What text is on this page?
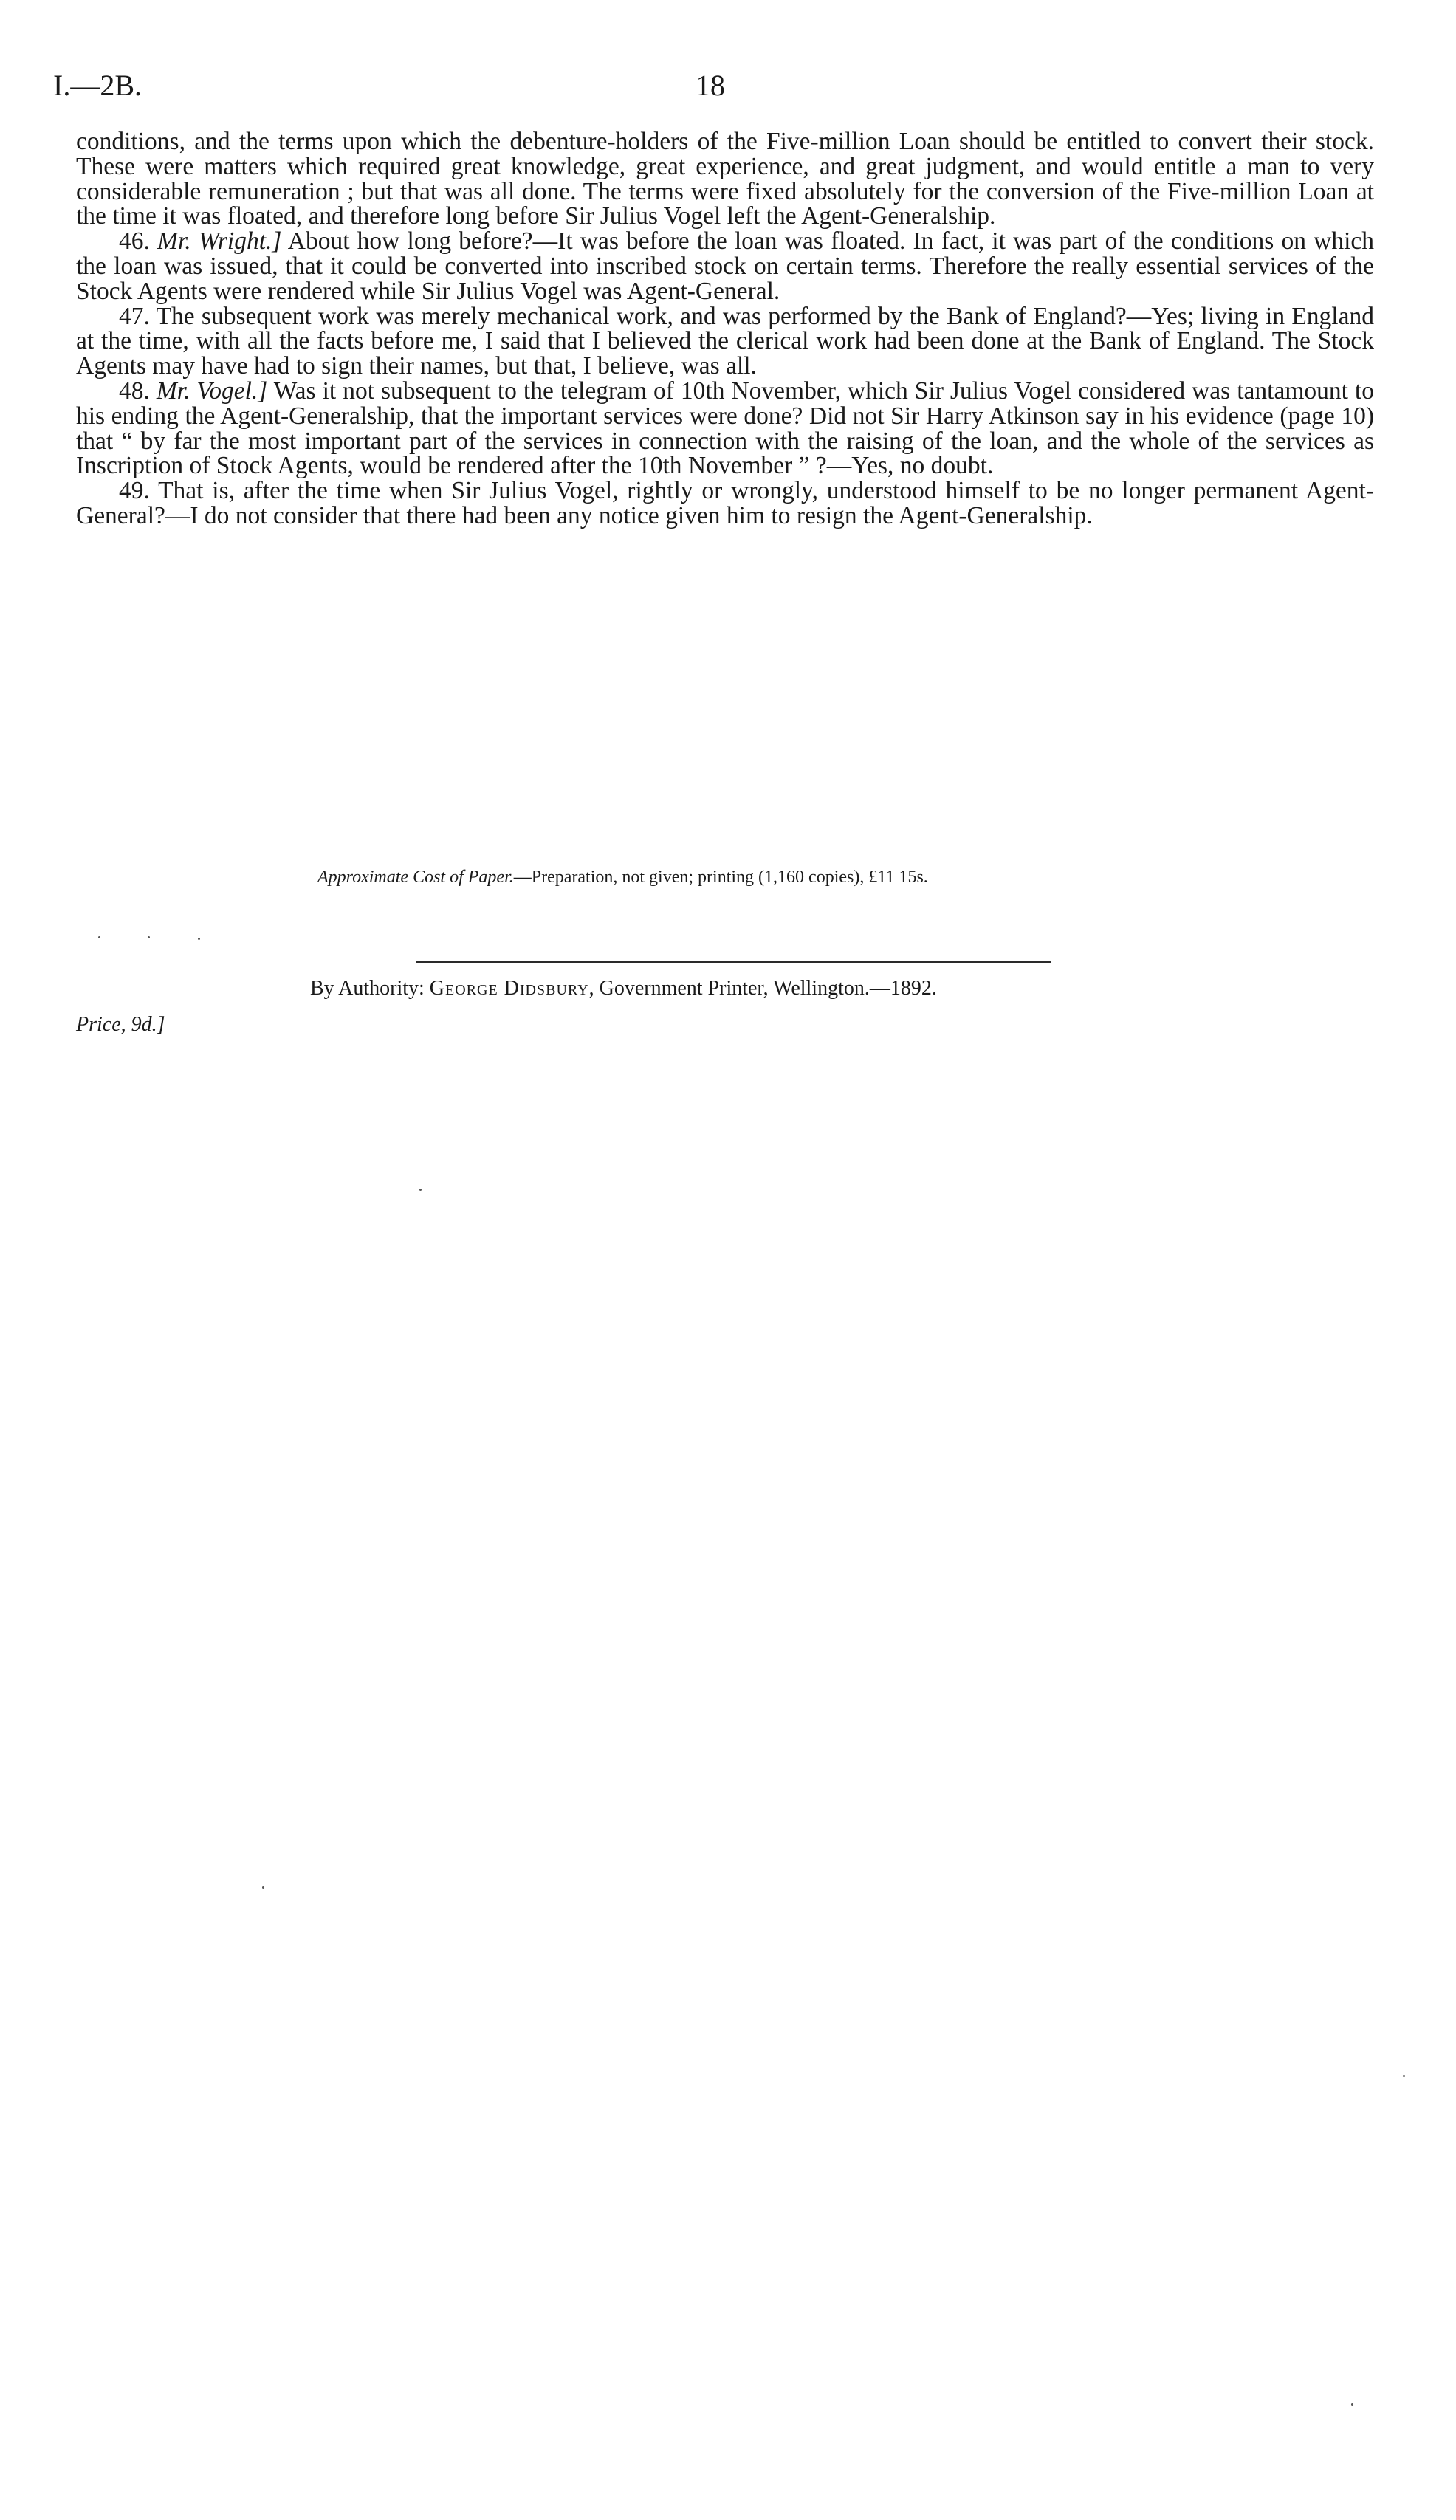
I.—2B.	18

conditions, and the terms upon which the debenture-holders of the Five-million Loan should be entitled to convert their stock. These were matters which required great knowledge, great experience, and great judgment, and would entitle a man to very considerable remuneration ; but that was all done. The terms were fixed absolutely for the conversion of the Five-million Loan at the time it was floated, and therefore long before Sir Julius Vogel left the Agent-Generalship.

46. Mr. Wright.] About how long before?—It was before the loan was floated. In fact, it was part of the conditions on which the loan was issued, that it could be converted into inscribed stock on certain terms. Therefore the really essential services of the Stock Agents were rendered while Sir Julius Vogel was Agent-General.

47. The subsequent work was merely mechanical work, and was performed by the Bank of England?—Yes; living in England at the time, with all the facts before me, I said that I believed the clerical work had been done at the Bank of England. The Stock Agents may have had to sign their names, but that, I believe, was all.

48. Mr. Vogel.] Was it not subsequent to the telegram of 10th November, which Sir Julius Vogel considered was tantamount to his ending the Agent-Generalship, that the important services were done? Did not Sir Harry Atkinson say in his evidence (page 10) that “ by far the most important part of the services in connection with the raising of the loan, and the whole of the services as Inscription of Stock Agents, would be rendered after the 10th November ” ?—Yes, no doubt.

49. That is, after the time when Sir Julius Vogel, rightly or wrongly, understood himself to be no longer permanent Agent-General?—I do not consider that there had been any notice given him to resign the Agent-Generalship.

Approximate Cost of Paper.—Preparation, not given; printing (1,160 copies), £11 15s.
By Authority: George Didsbury, Government Printer, Wellington.—1892.
Price, 9d.]
